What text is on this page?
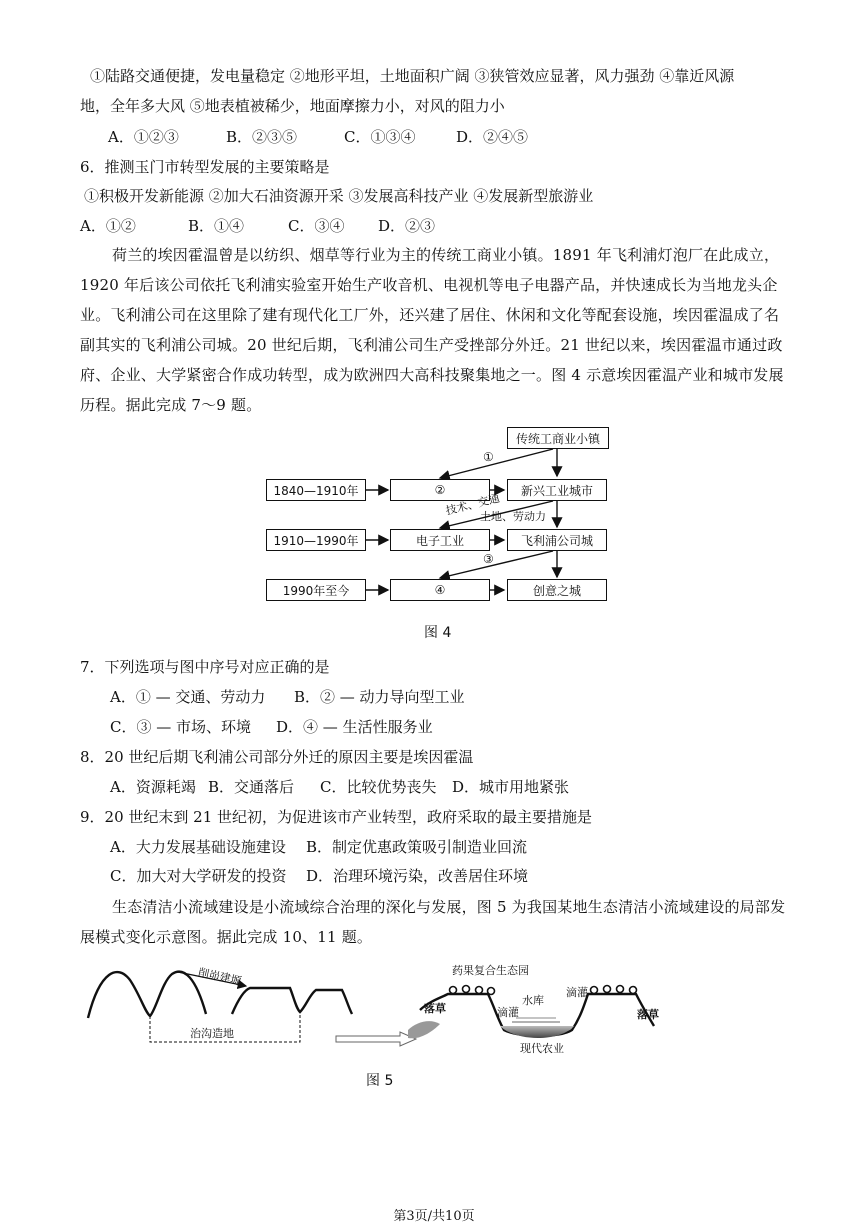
①陆路交通便捷，发电量稳定 ②地形平坦，土地面积广阔 ③狭管效应显著，风力强劲 ④靠近风源
地，全年多大风 ⑤地表植被稀少，地面摩擦力小，对风的阻力小
A．①②③	B．②③⑤	C．①③④	D．②④⑤
6．推测玉门市转型发展的主要策略是
①积极开发新能源 ②加大石油资源开采 ③发展高科技产业 ④发展新型旅游业
A．①②	B．①④	C．③④ D．②③
荷兰的埃因霍温曾是以纺织、烟草等行业为主的传统工商业小镇。1891 年飞利浦灯泡厂在此成立，
1920 年后该公司依托飞利浦实验室开始生产收音机、电视机等电子电器产品，并快速成长为当地龙头企
业。飞利浦公司在这里除了建有现代化工厂外，还兴建了居住、休闲和文化等配套设施，埃因霍温成了名
副其实的飞利浦公司城。20 世纪后期，飞利浦公司生产受挫部分外迁。21 世纪以来，埃因霍温市通过政
府、企业、大学紧密合作成功转型，成为欧洲四大高科技聚集地之一。图 4 示意埃因霍温产业和城市发展
历程。据此完成 7～9 题。
1840—1910年
1910—1990年
1990年至今
②
电子工业
④
传统工商业小镇
新兴工业城市
飞利浦公司城
创意之城
①
③
技术、交通
土地、劳动力
图 4
7．下列选项与图中序号对应正确的是
A．① — 交通、劳动力 B．② — 动力导向型工业
C．③ — 市场、环境 D．④ — 生活性服务业
8．20 世纪后期飞利浦公司部分外迁的原因主要是埃因霍温
A．资源耗竭 B．交通落后 C．比较优势丧失 D．城市用地紧张
9．20 世纪末到 21 世纪初，为促进该市产业转型，政府采取的最主要措施是
A．大力发展基础设施建设 B．制定优惠政策吸引制造业回流
C．加大对大学研发的投资 D．治理环境污染，改善居住环境
生态清洁小流域建设是小流域综合治理的深化与发展，图 5 为我国某地生态清洁小流域建设的局部发
展模式变化示意图。据此完成 10、11 题。
削峁建塬
治沟造地
药果复合生态园
落草	落草
滴灌
滴灌
水库
现代农业
图 5
第3页/共10页
